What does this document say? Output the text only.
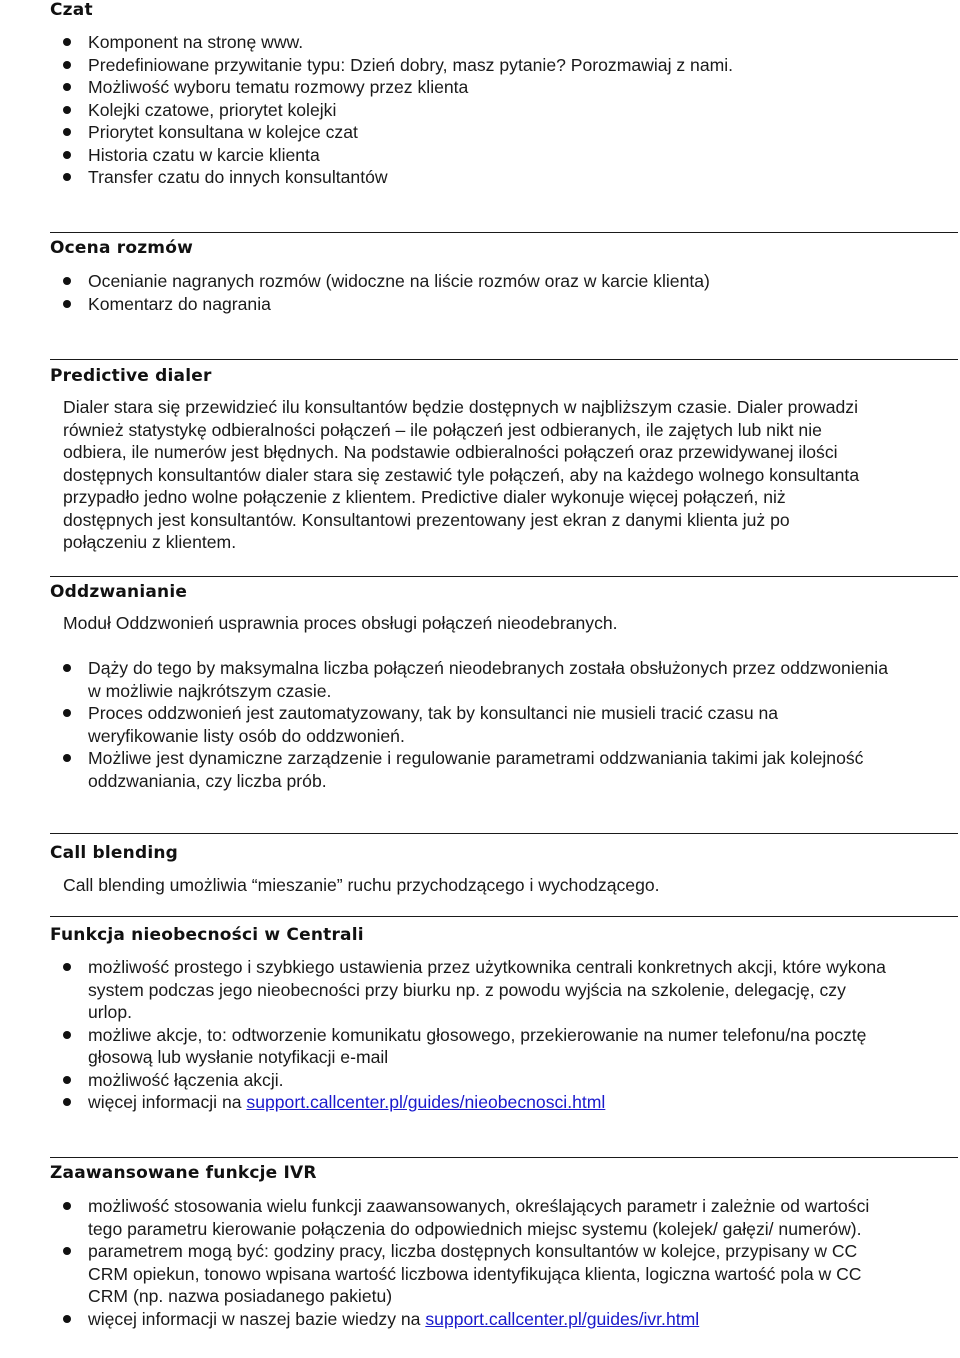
Czat
Komponent na stronę www.
Predefiniowane przywitanie typu: Dzień dobry, masz pytanie? Porozmawiaj z nami.
Możliwość wyboru tematu rozmowy przez klienta
Kolejki czatowe, priorytet kolejki
Priorytet konsultana w kolejce czat
Historia czatu w karcie klienta
Transfer czatu do innych konsultantów
Ocena rozmów
Ocenianie nagranych rozmów (widoczne na liście rozmów oraz w karcie klienta)
Komentarz do nagrania
Predictive dialer

Dialer stara się przewidzieć ilu konsultantów będzie dostępnych w najbliższym czasie. Dialer prowadzi również statystykę odbieralności połączeń – ile połączeń jest odbieranych, ile zajętych lub nikt nie odbiera, ile numerów jest błędnych. Na podstawie odbieralności połączeń oraz przewidywanej ilości dostępnych konsultantów dialer stara się zestawić tyle połączeń, aby na każdego wolnego konsultanta przypadło jedno wolne połączenie z klientem. Predictive dialer wykonuje więcej połączeń, niż dostępnych jest konsultantów. Konsultantowi prezentowany jest ekran z danymi klienta już po połączeniu z klientem.

Oddzwanianie

Moduł Oddzwonień usprawnia proces obsługi połączeń nieodebranych.

Dąży do tego by maksymalna liczba połączeń nieodebranych została obsłużonych przez oddzwonienia w możliwie najkrótszym czasie.
Proces oddzwonień jest zautomatyzowany, tak by konsultanci nie musieli tracić czasu na weryfikowanie listy osób do oddzwonień.
Możliwe jest dynamiczne zarządzenie i regulowanie parametrami oddzwaniania takimi jak kolejność oddzwaniania, czy liczba prób.
Call blending

Call blending umożliwia “mieszanie” ruchu przychodzącego i wychodzącego.

Funkcja nieobecności w Centrali
możliwość prostego i szybkiego ustawienia przez użytkownika centrali konkretnych akcji, które wykona system podczas jego nieobecności przy biurku np. z powodu wyjścia na szkolenie, delegację, czy urlop.
możliwe akcje, to: odtworzenie komunikatu głosowego, przekierowanie na numer telefonu/na pocztę głosową lub wysłanie notyfikacji e-mail
możliwość łączenia akcji.
więcej informacji na support.callcenter.pl/guides/nieobecnosci.html
Zaawansowane funkcje IVR
możliwość stosowania wielu funkcji zaawansowanych, określających parametr i zależnie od wartości tego parametru kierowanie połączenia do odpowiednich miejsc systemu (kolejek/ gałęzi/ numerów).
parametrem mogą być: godziny pracy, liczba dostępnych konsultantów w kolejce, przypisany w CC CRM opiekun, tonowo wpisana wartość liczbowa identyfikująca klienta, logiczna wartość pola w CC CRM (np. nazwa posiadanego pakietu)
więcej informacji w naszej bazie wiedzy na support.callcenter.pl/guides/ivr.html
